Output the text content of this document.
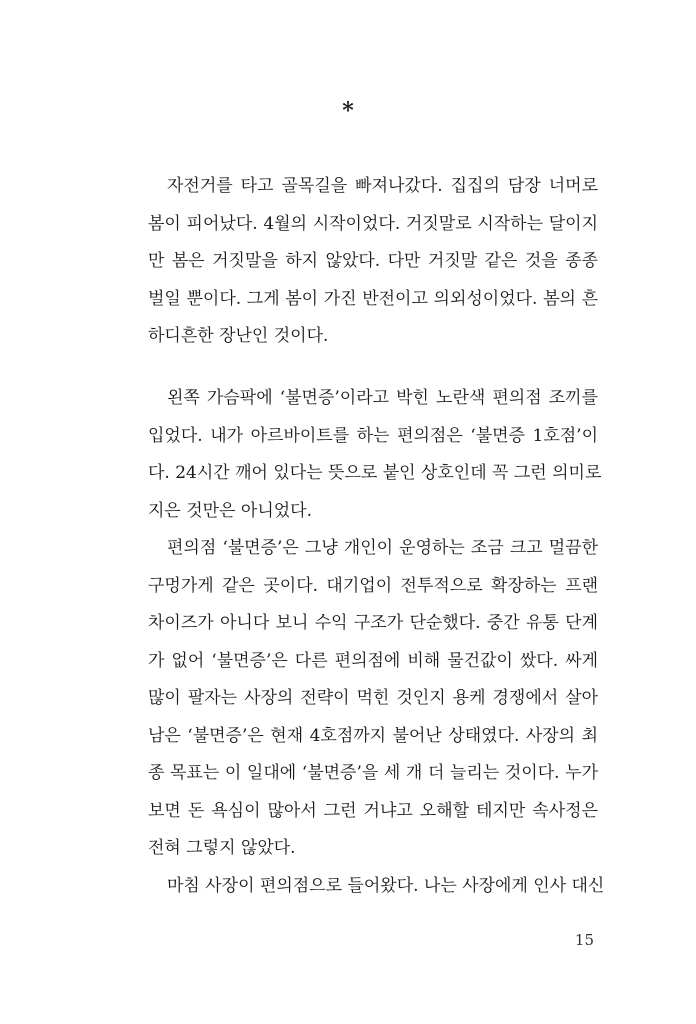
*
자전거를 타고 골목길을 빠져나갔다. 집집의 담장 너머로
봄이 피어났다. 4월의 시작이었다. 거짓말로 시작하는 달이지
만 봄은 거짓말을 하지 않았다. 다만 거짓말 같은 것을 종종
벌일 뿐이다. 그게 봄이 가진 반전이고 의외성이었다. 봄의 흔
하디흔한 장난인 것이다.
왼쪽 가슴팍에 ‘불면증’이라고 박힌 노란색 편의점 조끼를
입었다. 내가 아르바이트를 하는 편의점은 ‘불면증 1호점’이
다. 24시간 깨어 있다는 뜻으로 붙인 상호인데 꼭 그런 의미로
지은 것만은 아니었다.
편의점 ‘불면증’은 그냥 개인이 운영하는 조금 크고 멀끔한
구멍가게 같은 곳이다. 대기업이 전투적으로 확장하는 프랜
차이즈가 아니다 보니 수익 구조가 단순했다. 중간 유통 단계
가 없어 ‘불면증’은 다른 편의점에 비해 물건값이 쌌다. 싸게
많이 팔자는 사장의 전략이 먹힌 것인지 용케 경쟁에서 살아
남은 ‘불면증’은 현재 4호점까지 불어난 상태였다. 사장의 최
종 목표는 이 일대에 ‘불면증’을 세 개 더 늘리는 것이다. 누가
보면 돈 욕심이 많아서 그런 거냐고 오해할 테지만 속사정은
전혀 그렇지 않았다.
마침 사장이 편의점으로 들어왔다. 나는 사장에게 인사 대신
15
